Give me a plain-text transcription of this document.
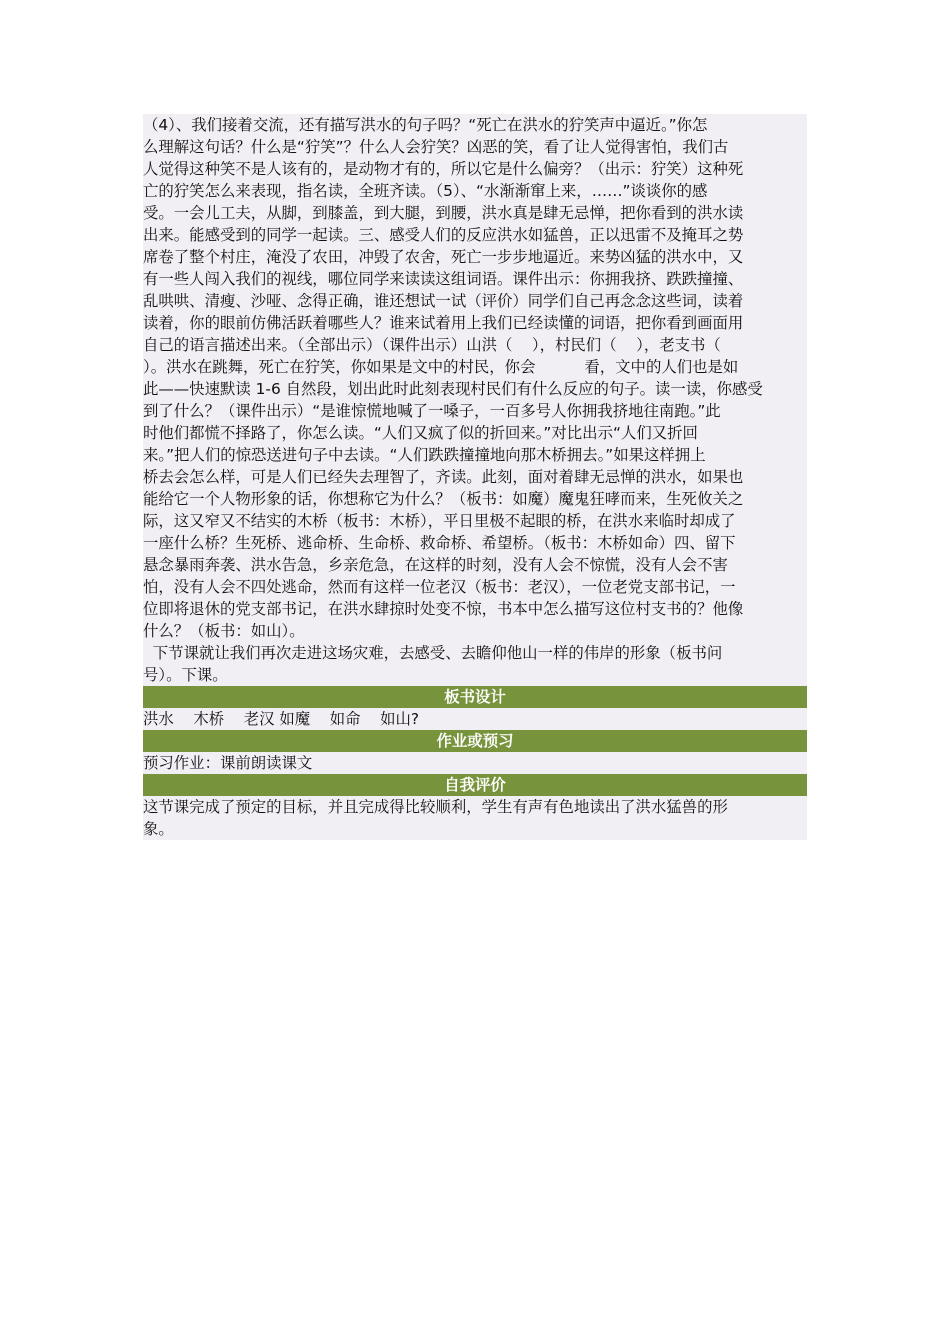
（4）、我们接着交流，还有描写洪水的句子吗？“死亡在洪水的狞笑声中逼近。”你怎
么理解这句话？什么是“狞笑”？什么人会狞笑？凶恶的笑，看了让人觉得害怕，我们古
人觉得这种笑不是人该有的，是动物才有的，所以它是什么偏旁？（出示：狞笑）这种死
亡的狞笑怎么来表现，指名读，全班齐读。（5）、“水渐渐窜上来，……”谈谈你的感
受。一会儿工夫，从脚，到膝盖，到大腿，到腰，洪水真是肆无忌惮，把你看到的洪水读
出来。能感受到的同学一起读。三、感受人们的反应洪水如猛兽，正以迅雷不及掩耳之势
席卷了整个村庄，淹没了农田，冲毁了农舍，死亡一步步地逼近。来势凶猛的洪水中，又
有一些人闯入我们的视线，哪位同学来读读这组词语。课件出示：你拥我挤、跌跌撞撞、
乱哄哄、清瘦、沙哑、念得正确，谁还想试一试（评价）同学们自己再念念这些词，读着
读着，你的眼前仿佛活跃着哪些人？谁来试着用上我们已经读懂的词语，把你看到画面用
自己的语言描述出来。（全部出示）（课件出示）山洪（    ），村民们（    ），老支书（
）。洪水在跳舞，死亡在狞笑，你如果是文中的村民，你会          看，文中的人们也是如
此——快速默读 1-6 自然段，划出此时此刻表现村民们有什么反应的句子。读一读，你感受
到了什么？（课件出示）“是谁惊慌地喊了一嗓子，一百多号人你拥我挤地往南跑。”此
时他们都慌不择路了，你怎么读。“人们又疯了似的折回来。”对比出示“人们又折回
来。”把人们的惊恐送进句子中去读。“人们跌跌撞撞地向那木桥拥去。”如果这样拥上
桥去会怎么样，可是人们已经失去理智了，齐读。此刻，面对着肆无忌惮的洪水，如果也
能给它一个人物形象的话，你想称它为什么？（板书：如魔）魔鬼狂哮而来，生死攸关之
际，这又窄又不结实的木桥（板书：木桥），平日里极不起眼的桥，在洪水来临时却成了
一座什么桥？生死桥、逃命桥、生命桥、救命桥、希望桥。（板书：木桥如命）四、留下
悬念暴雨奔袭、洪水告急，乡亲危急，在这样的时刻，没有人会不惊慌，没有人会不害
怕，没有人会不四处逃命，然而有这样一位老汉（板书：老汉），一位老党支部书记，一
位即将退休的党支部书记，在洪水肆掠时处变不惊，书本中怎么描写这位村支书的？他像
什么？（板书：如山）。
下节课就让我们再次走进这场灾难，去感受、去瞻仰他山一样的伟岸的形象（板书问
号）。下课。
板书设计
洪水    木桥    老汉 如魔    如命    如山?
作业或预习
预习作业：课前朗读课文
自我评价
这节课完成了预定的目标，并且完成得比较顺利，学生有声有色地读出了洪水猛兽的形
象。
